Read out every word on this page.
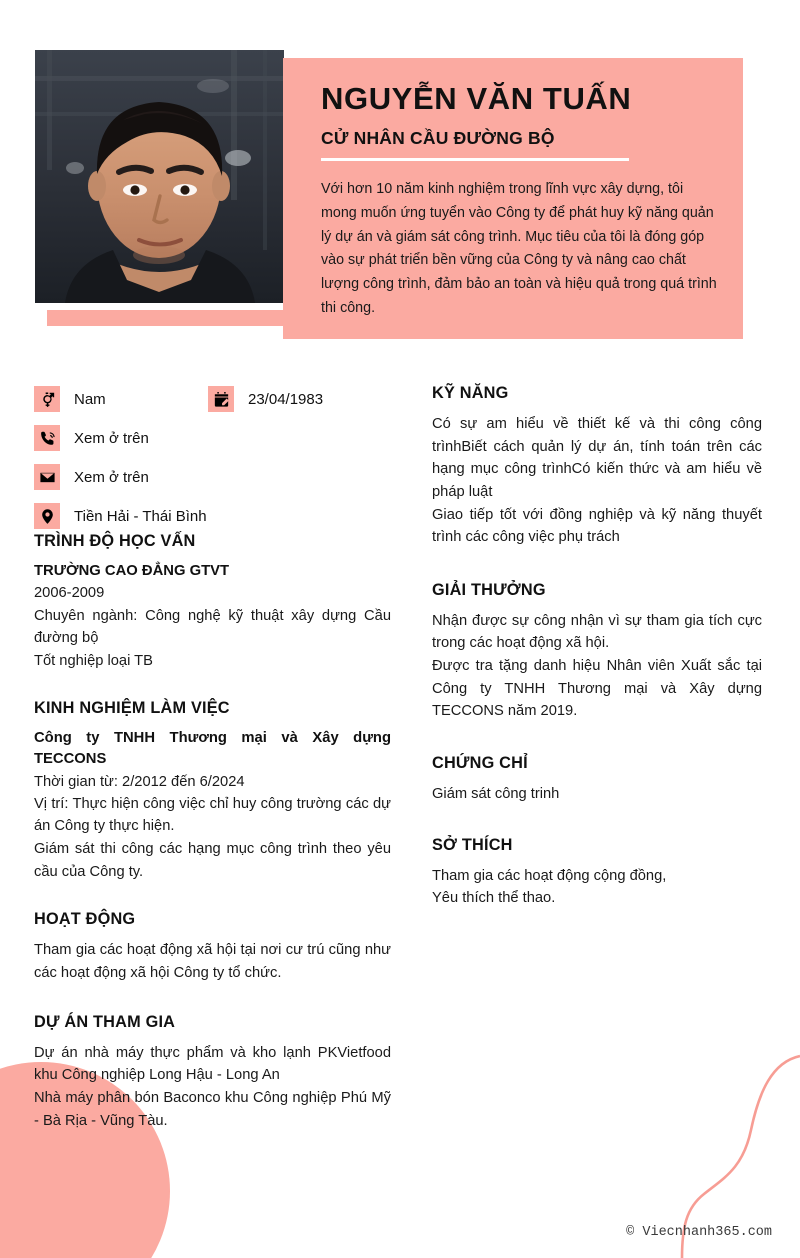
NGUYỄN VĂN TUẤN
CỬ NHÂN CẦU ĐƯỜNG BỘ

Với hơn 10 năm kinh nghiệm trong lĩnh vực xây dựng, tôi mong muốn ứng tuyển vào Công ty để phát huy kỹ năng quản lý dự án và giám sát công trình. Mục tiêu của tôi là đóng góp vào sự phát triển bền vững của Công ty và nâng cao chất lượng công trình, đảm bảo an toàn và hiệu quả trong quá trình thi công.

Nam	23/04/1983
Xem ở trên
Xem ở trên
Tiền Hải - Thái Bình
TRÌNH ĐỘ HỌC VẤN
TRƯỜNG CAO ĐẲNG GTVT
2006-2009
Chuyên ngành: Công nghệ kỹ thuật xây dựng Cầu đường bộ
Tốt nghiệp loại TB
KINH NGHIỆM LÀM VIỆC
Công ty TNHH Thương mại và Xây dựng TECCONS
Thời gian từ: 2/2012 đến 6/2024
Vị trí: Thực hiện công việc chỉ huy công trường các dự án Công ty thực hiện.
Giám sát thi công các hạng mục công trình theo yêu cầu của Công ty.
HOẠT ĐỘNG
Tham gia các hoạt động xã hội tại nơi cư trú cũng như các hoạt động xã hội Công ty tổ chức.
DỰ ÁN THAM GIA
Dự án nhà máy thực phẩm và kho lạnh PKVietfood khu Công nghiệp Long Hậu - Long An
Nhà máy phân bón Baconco khu Công nghiệp Phú Mỹ - Bà Rịa - Vũng Tàu.
KỸ NĂNG
Có sự am hiểu về thiết kế và thi công công trìnhBiết cách quản lý dự án, tính toán trên các hạng mục công trìnhCó kiến thức và am hiểu về pháp luật
Giao tiếp tốt với đồng nghiệp và kỹ năng thuyết trình các công việc phụ trách
GIẢI THƯỞNG
Nhận được sự công nhận vì sự tham gia tích cực trong các hoạt động xã hội.
Được tra tặng danh hiệu Nhân viên Xuất sắc tại Công ty TNHH Thương mại và Xây dựng TECCONS năm 2019.
CHỨNG CHỈ
Giám sát công trinh
SỞ THÍCH
Tham gia các hoạt động cộng đồng,
Yêu thích thể thao.
© Viecnhanh365.com
